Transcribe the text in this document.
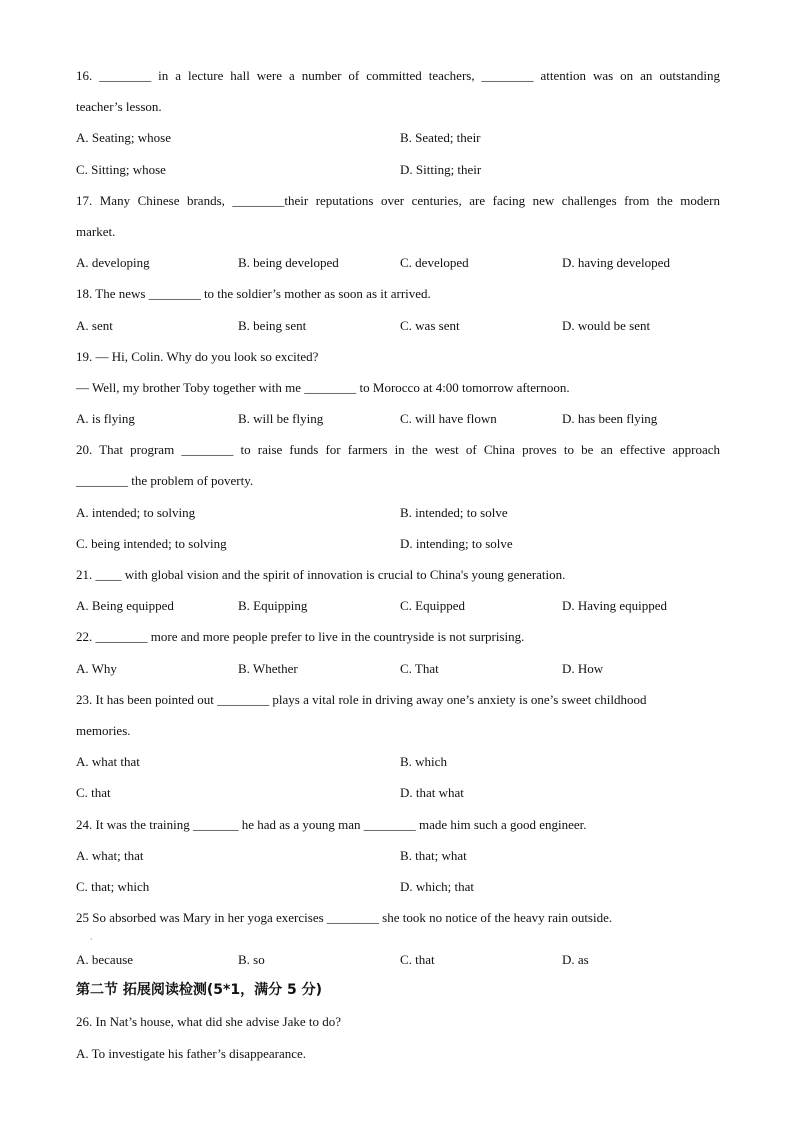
16. ________ in a lecture hall were a number of committed teachers, ________ attention was on an outstanding
teacher’s lesson.
A. Seating; whose	B. Seated; their
C. Sitting; whose	D. Sitting; their
17. Many Chinese brands, ________their reputations over centuries, are facing new challenges from the modern
market.
A. developing	B. being developed	C. developed	D. having developed
18. The news ________ to the soldier’s mother as soon as it arrived.
A. sent	B. being sent	C. was sent	D. would be sent
19. — Hi, Colin. Why do you look so excited?
— Well, my brother Toby together with me ________ to Morocco at 4:00 tomorrow afternoon.
A. is flying	B. will be flying	C. will have flown	D. has been flying
20. That program ________ to raise funds for farmers in the west of China proves to be an effective approach
________ the problem of poverty.
A. intended; to solving	B. intended; to solve
C. being intended; to solving	D. intending; to solve
21. ____ with global vision and the spirit of innovation is crucial to China's young generation.
A. Being equipped	B. Equipping	C. Equipped	D. Having equipped
22. ________ more and more people prefer to live in the countryside is not surprising.
A. Why	B. Whether	C. That	D. How
23. It has been pointed out ________ plays a vital role in driving away one’s anxiety is one’s sweet childhood
memories.
A. what that	B. which
C. that	D. that what
24. It was the training _______ he had as a young man ________ made him such a good engineer.
A. what; that	B. that; what
C. that; which	D. which; that
25 So absorbed was Mary in her yoga exercises ________ she took no notice of the heavy rain outside.
·
A. because	B. so	C. that	D. as
第二节 拓展阅读检测(5*1，满分 5 分)
26. In Nat’s house, what did she advise Jake to do?
A. To investigate his father’s disappearance.
